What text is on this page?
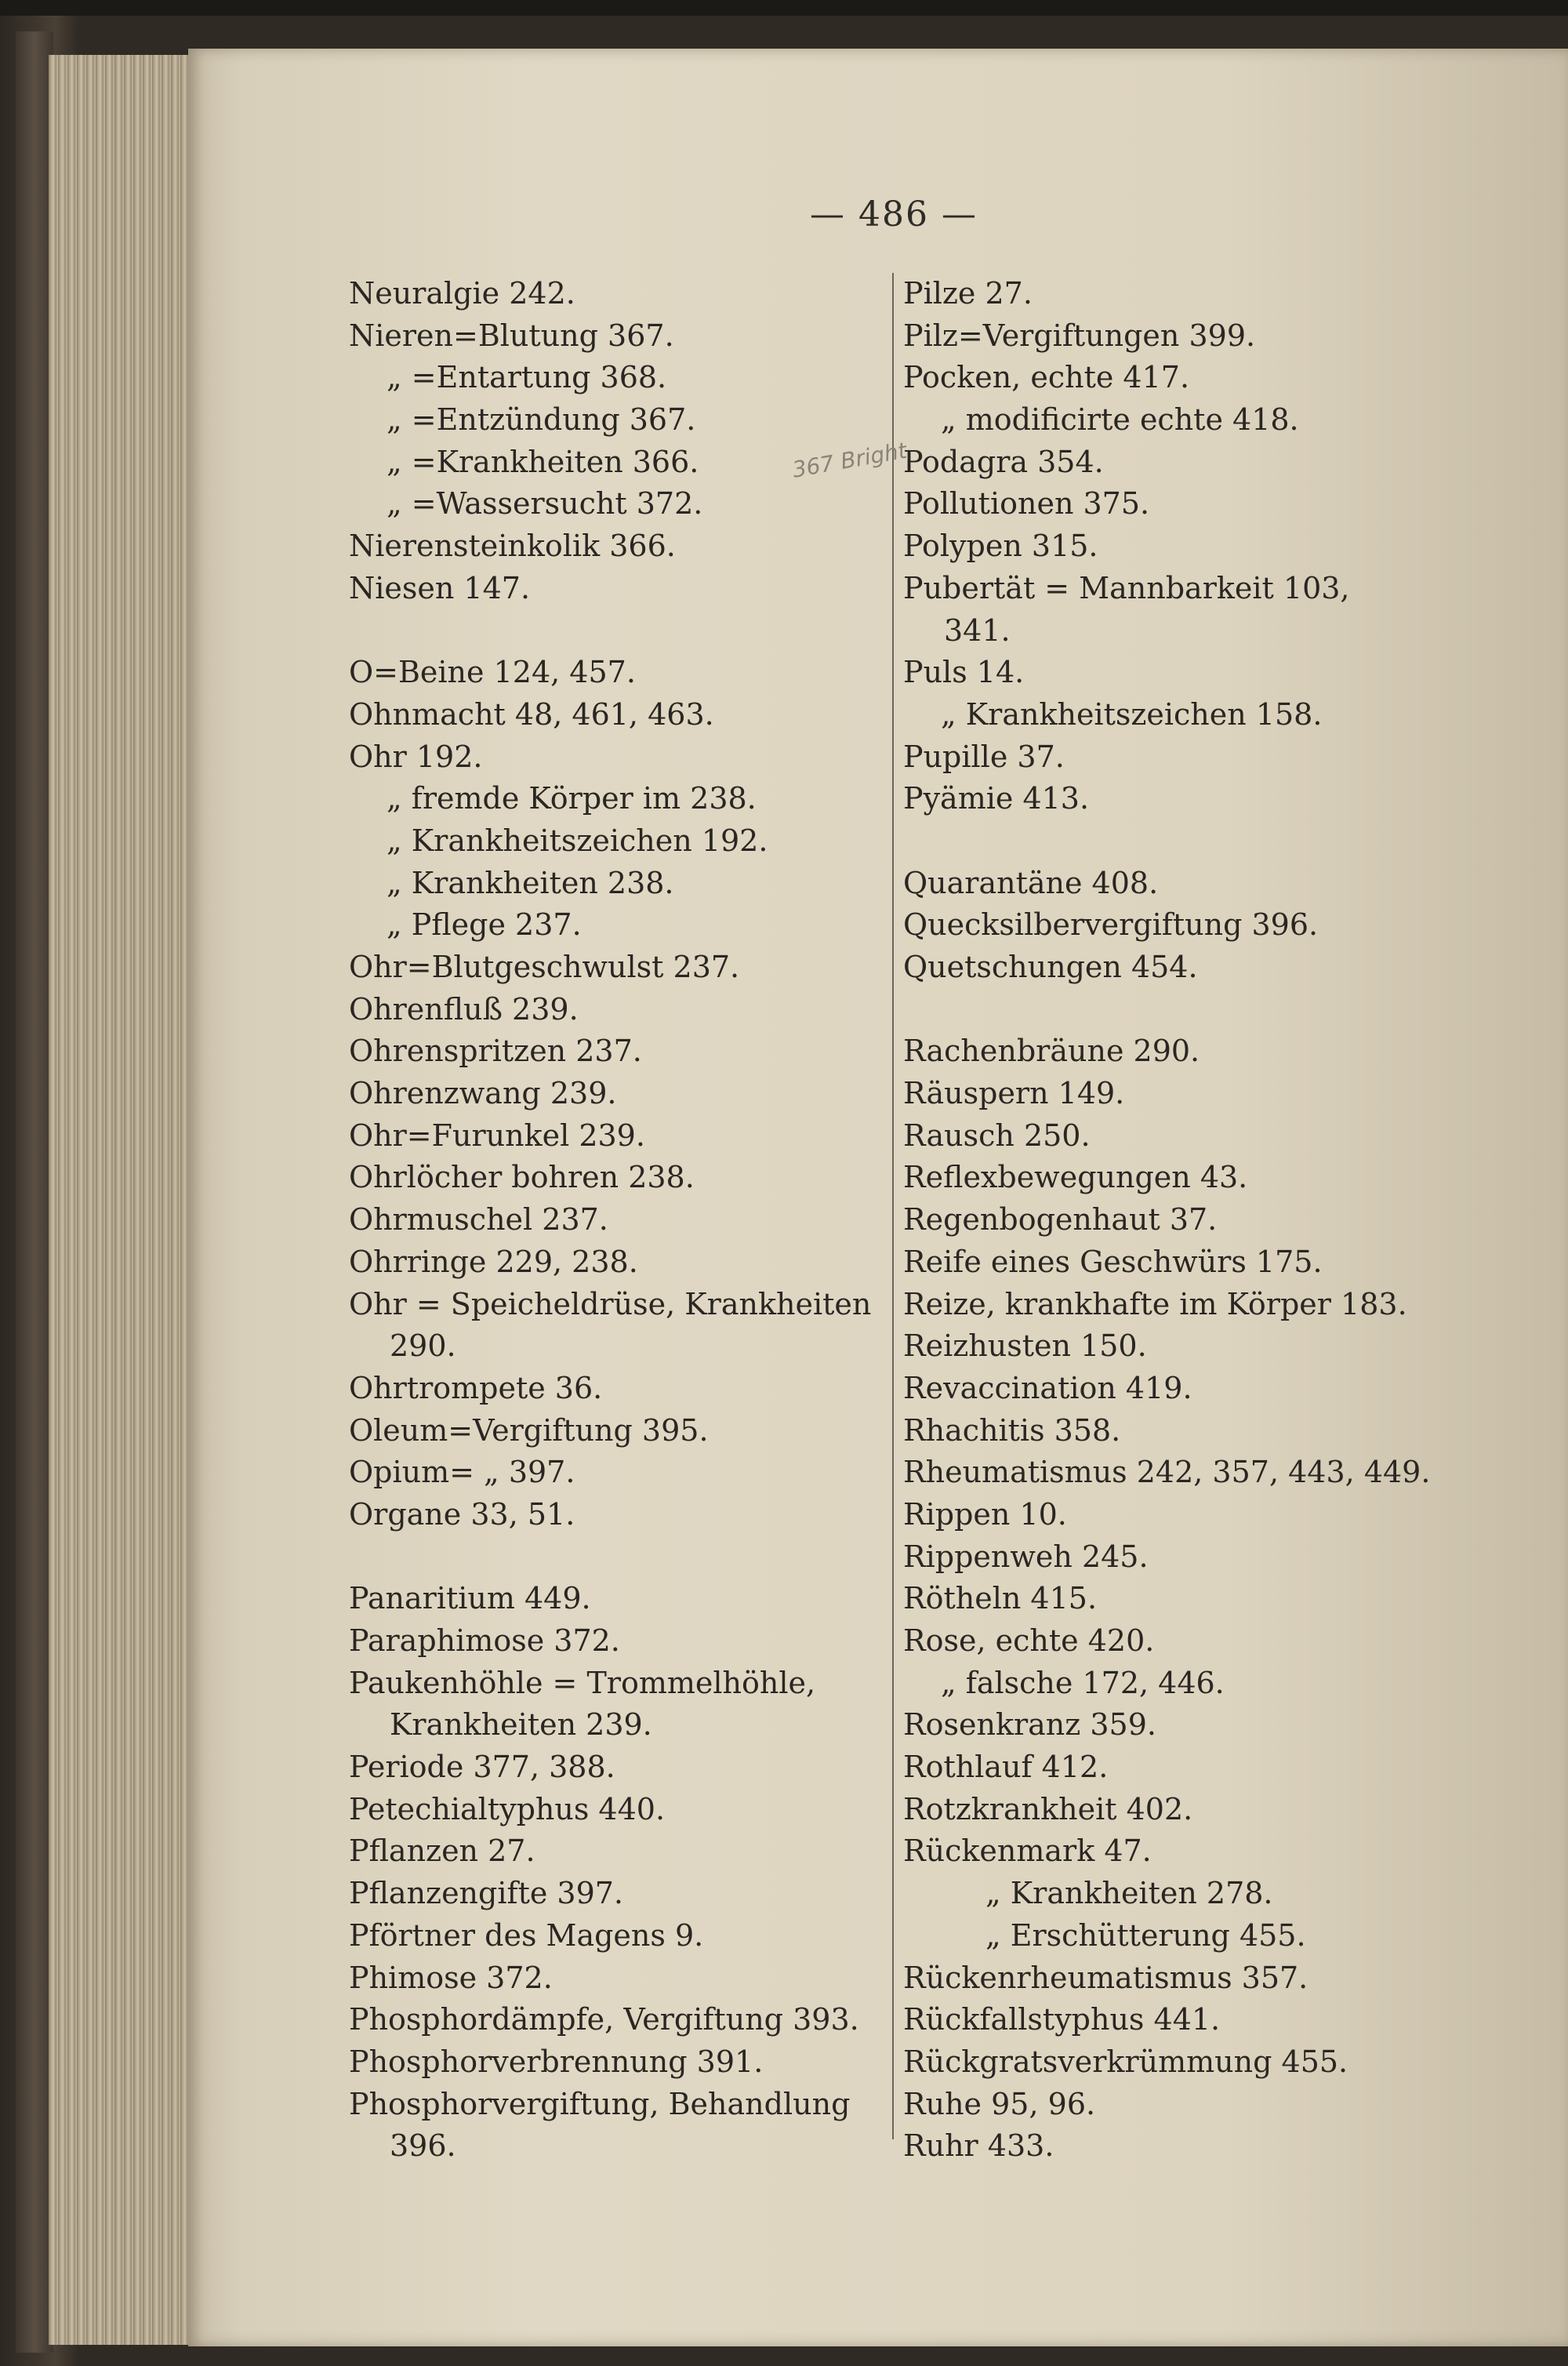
— 486 —
Neuralgie 242.
Nieren=Blutung 367.
„ =Entartung 368.
„ =Entzündung 367.
„ =Krankheiten 366.
„ =Wassersucht 372.
Nierensteinkolik 366.
Niesen 147.
O=Beine 124, 457.
Ohnmacht 48, 461, 463.
Ohr 192.
„ fremde Körper im 238.
„ Krankheitszeichen 192.
„ Krankheiten 238.
„ Pflege 237.
Ohr=Blutgeschwulst 237.
Ohrenfluß 239.
Ohrenspritzen 237.
Ohrenzwang 239.
Ohr=Furunkel 239.
Ohrlöcher bohren 238.
Ohrmuschel 237.
Ohrringe 229, 238.
Ohr = Speicheldrüse, Krankheiten
290.
Ohrtrompete 36.
Oleum=Vergiftung 395.
Opium= „ 397.
Organe 33, 51.
Panaritium 449.
Paraphimose 372.
Paukenhöhle = Trommelhöhle,
Krankheiten 239.
Periode 377, 388.
Petechialtyphus 440.
Pflanzen 27.
Pflanzengifte 397.
Pförtner des Magens 9.
Phimose 372.
Phosphordämpfe, Vergiftung 393.
Phosphorverbrennung 391.
Phosphorvergiftung, Behandlung
396.
Pilze 27.
Pilz=Vergiftungen 399.
Pocken, echte 417.
„ modificirte echte 418.
Podagra 354.
Pollutionen 375.
Polypen 315.
Pubertät = Mannbarkeit 103,
341.
Puls 14.
„ Krankheitszeichen 158.
Pupille 37.
Pyämie 413.
Quarantäne 408.
Quecksilbervergiftung 396.
Quetschungen 454.
Rachenbräune 290.
Räuspern 149.
Rausch 250.
Reflexbewegungen 43.
Regenbogenhaut 37.
Reife eines Geschwürs 175.
Reize, krankhafte im Körper 183.
Reizhusten 150.
Revaccination 419.
Rhachitis 358.
Rheumatismus 242, 357, 443, 449.
Rippen 10.
Rippenweh 245.
Rötheln 415.
Rose, echte 420.
„ falsche 172, 446.
Rosenkranz 359.
Rothlauf 412.
Rotzkrankheit 402.
Rückenmark 47.
„ Krankheiten 278.
„ Erschütterung 455.
Rückenrheumatismus 357.
Rückfallstyphus 441.
Rückgratsverkrümmung 455.
Ruhe 95, 96.
Ruhr 433.
367 Bright
